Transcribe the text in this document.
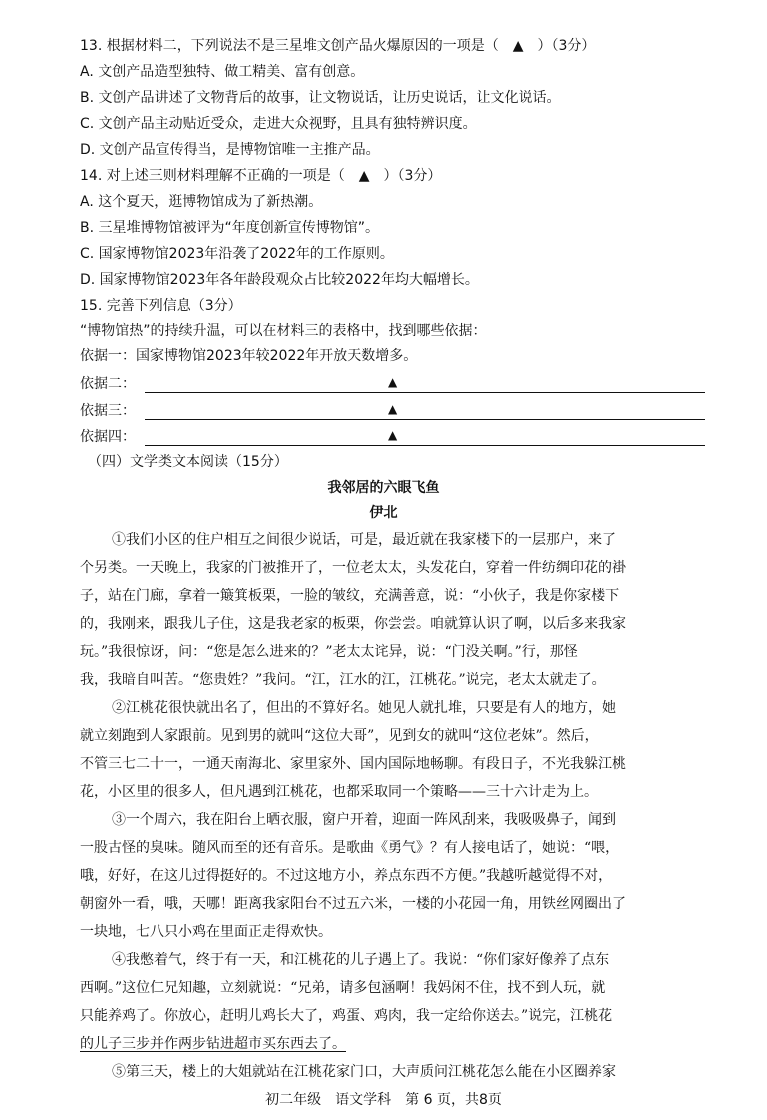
13. 根据材料二，下列说法不是三星堆文创产品火爆原因的一项是（　▲　）（3分）
A. 文创产品造型独特、做工精美、富有创意。
B. 文创产品讲述了文物背后的故事，让文物说话，让历史说话，让文化说话。
C. 文创产品主动贴近受众，走进大众视野，且具有独特辨识度。
D. 文创产品宣传得当，是博物馆唯一主推产品。
14. 对上述三则材料理解不正确的一项是（　▲　）（3分）
A. 这个夏天，逛博物馆成为了新热潮。
B. 三星堆博物馆被评为“年度创新宣传博物馆”。
C. 国家博物馆2023年沿袭了2022年的工作原则。
D. 国家博物馆2023年各年龄段观众占比较2022年均大幅增长。
15. 完善下列信息（3分）
“博物馆热”的持续升温，可以在材料三的表格中，找到哪些依据：
依据一：国家博物馆2023年较2022年开放天数增多。
依据二：	▲
依据三：	▲
依据四：	▲
（四）文学类文本阅读（15分）
我邻居的六眼飞鱼
伊北
①我们小区的住户相互之间很少说话，可是，最近就在我家楼下的一层那户，来了
个另类。一天晚上，我家的门被推开了，一位老太太，头发花白，穿着一件纺绸印花的褂
子，站在门廊，拿着一簸箕板栗，一脸的皱纹，充满善意，说：“小伙子，我是你家楼下
的，我刚来，跟我儿子住，这是我老家的板栗，你尝尝。咱就算认识了啊，以后多来我家
玩。”我很惊讶，问：“您是怎么进来的？”老太太诧异，说：“门没关啊。”行，那怪
我，我暗自叫苦。“您贵姓？”我问。“江，江水的江，江桃花。”说完，老太太就走了。
②江桃花很快就出名了，但出的不算好名。她见人就扎堆，只要是有人的地方，她
就立刻跑到人家跟前。见到男的就叫“这位大哥”，见到女的就叫“这位老妹”。然后，
不管三七二十一，一通天南海北、家里家外、国内国际地畅聊。有段日子，不光我躲江桃
花，小区里的很多人，但凡遇到江桃花，也都采取同一个策略——三十六计走为上。
③一个周六，我在阳台上晒衣服，窗户开着，迎面一阵风刮来，我吸吸鼻子，闻到
一股古怪的臭味。随风而至的还有音乐。是歌曲《勇气》？有人接电话了，她说：“喂，
哦，好好，在这儿过得挺好的。不过这地方小，养点东西不方便。”我越听越觉得不对，
朝窗外一看，哦，天哪！距离我家阳台不过五六米，一楼的小花园一角，用铁丝网圈出了
一块地，七八只小鸡在里面正走得欢快。
④我憋着气，终于有一天，和江桃花的儿子遇上了。我说：“你们家好像养了点东
西啊。”这位仁兄知趣，立刻就说：“兄弟，请多包涵啊！我妈闲不住，找不到人玩，就
只能养鸡了。你放心，赶明儿鸡长大了，鸡蛋、鸡肉，我一定给你送去。”说完，江桃花
的儿子三步并作两步钻进超市买东西去了。
⑤第三天，楼上的大姐就站在江桃花家门口，大声质问江桃花怎么能在小区圈养家
初二年级　语文学科　第 6 页，共8页
